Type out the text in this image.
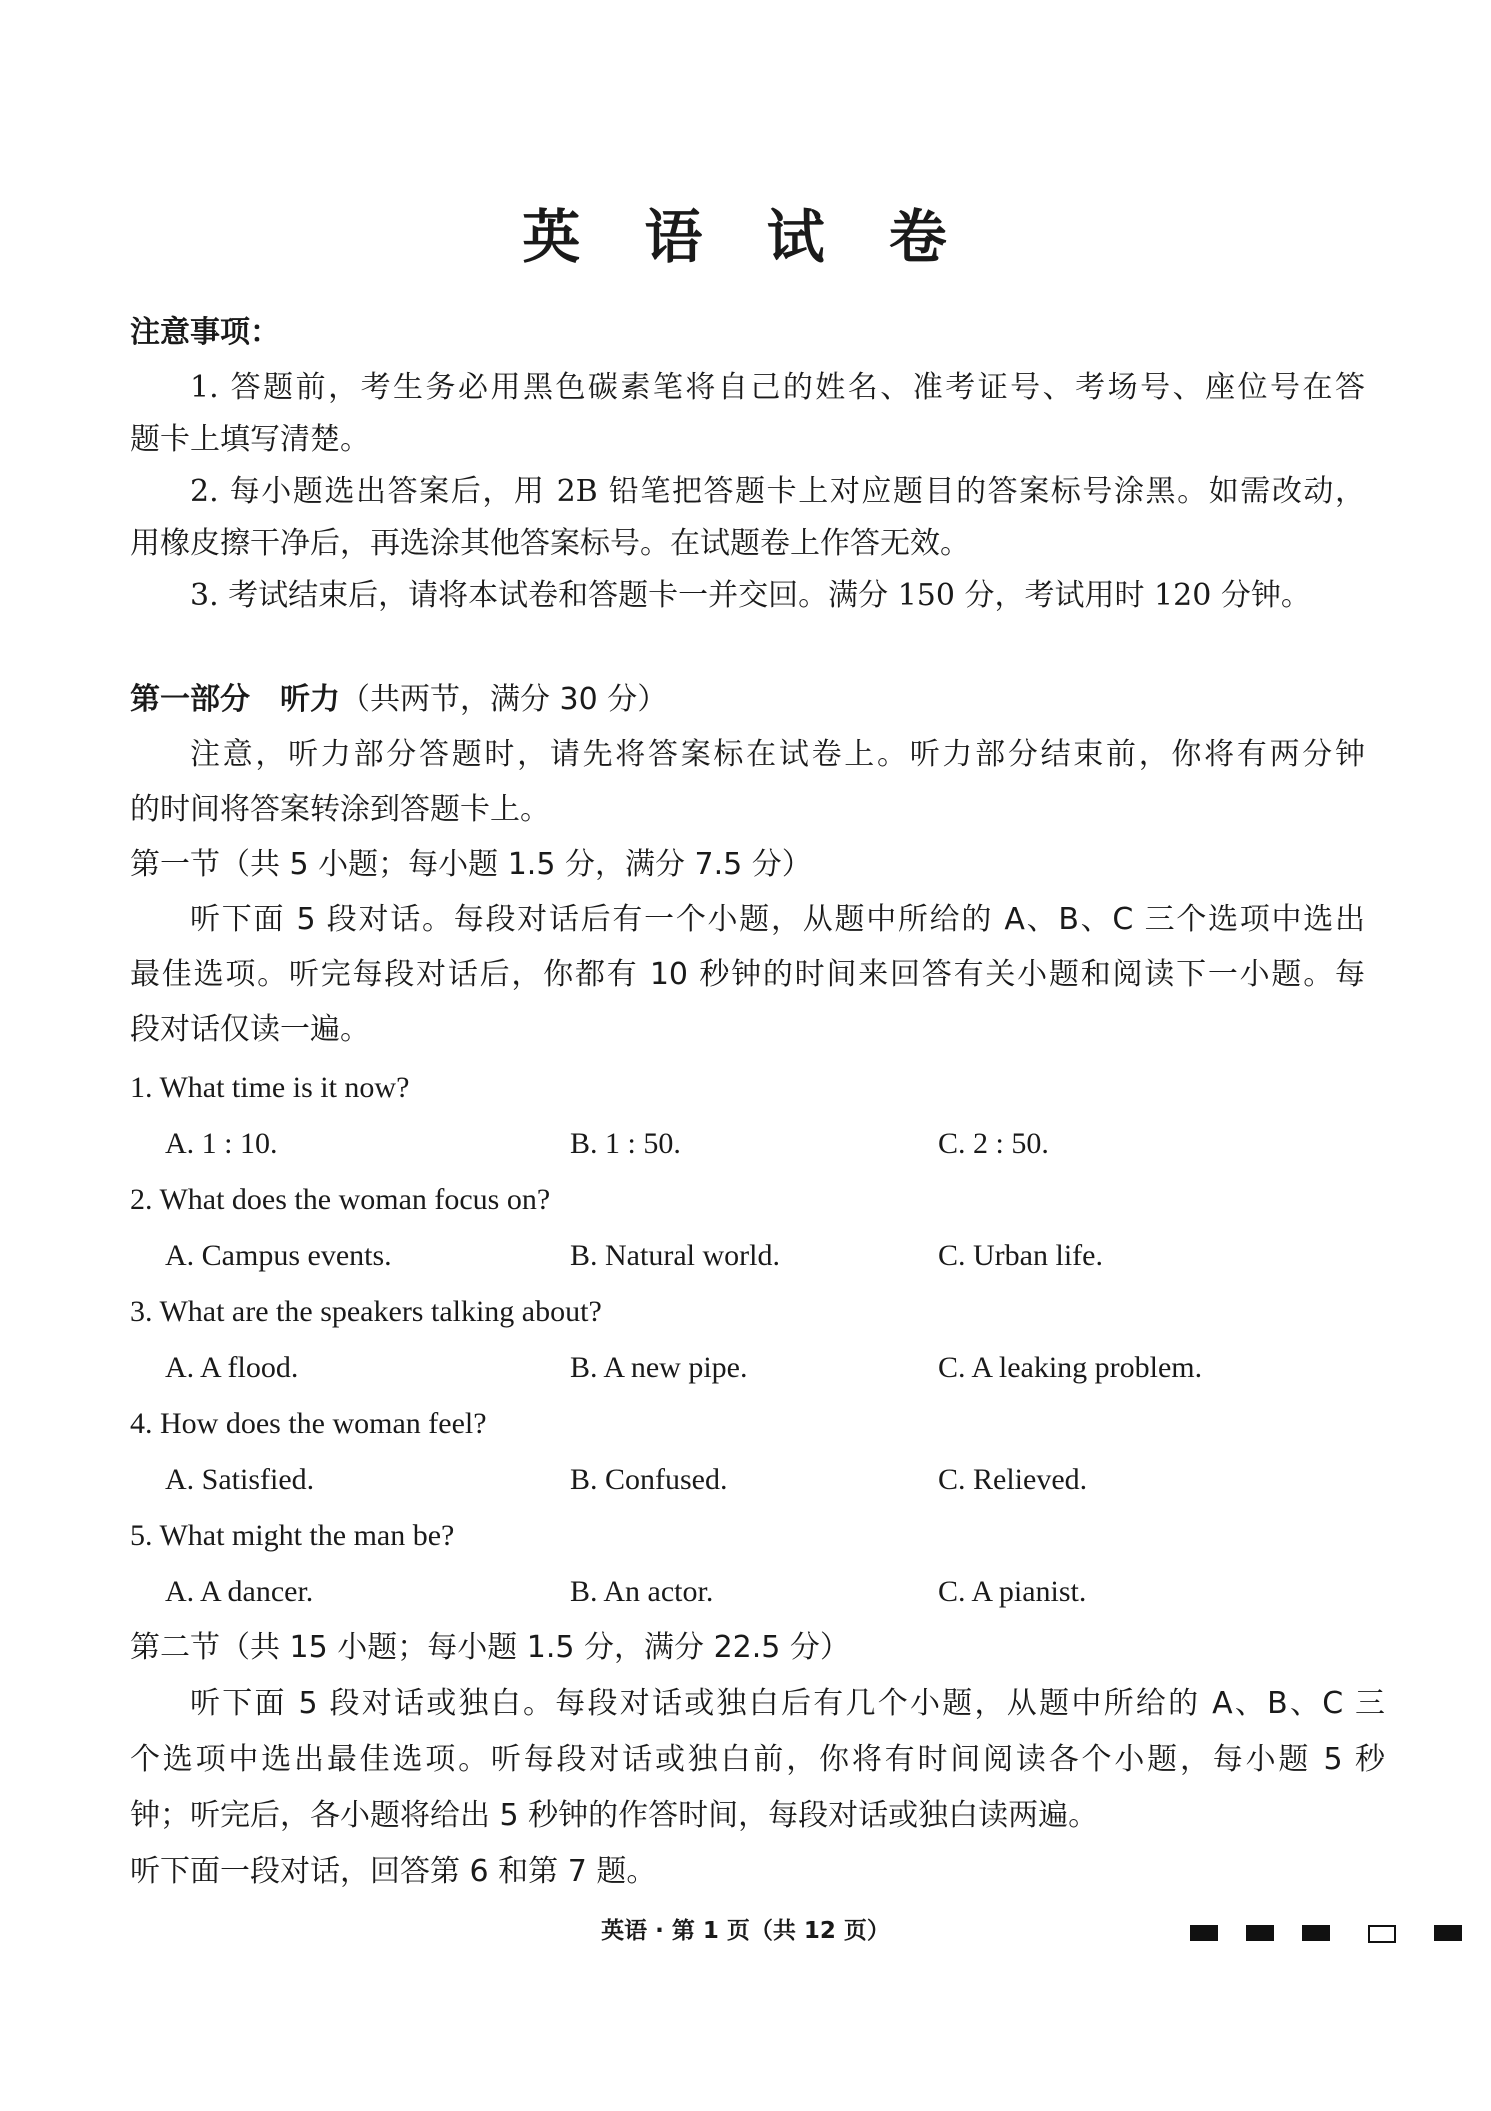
英 语 试 卷
注意事项：
1. 答题前，考生务必用黑色碳素笔将自己的姓名、准考证号、考场号、座位号在答
题卡上填写清楚。
2. 每小题选出答案后，用 2B 铅笔把答题卡上对应题目的答案标号涂黑。如需改动，
用橡皮擦干净后，再选涂其他答案标号。在试题卷上作答无效。
3. 考试结束后，请将本试卷和答题卡一并交回。满分 150 分，考试用时 120 分钟。
第一部分　听力（共两节，满分 30 分）
注意，听力部分答题时，请先将答案标在试卷上。听力部分结束前，你将有两分钟
的时间将答案转涂到答题卡上。
第一节（共 5 小题；每小题 1.5 分，满分 7.5 分）
听下面 5 段对话。每段对话后有一个小题，从题中所给的 A、B、C 三个选项中选出
最佳选项。听完每段对话后，你都有 10 秒钟的时间来回答有关小题和阅读下一小题。每
段对话仅读一遍。
1. What time is it now?
A. 1 : 10.	B. 1 : 50.	C. 2 : 50.
2. What does the woman focus on?
A. Campus events.	B. Natural world.	C. Urban life.
3. What are the speakers talking about?
A. A flood.	B. A new pipe.	C. A leaking problem.
4. How does the woman feel?
A. Satisfied.	B. Confused.	C. Relieved.
5. What might the man be?
A. A dancer.	B. An actor.	C. A pianist.
第二节（共 15 小题；每小题 1.5 分，满分 22.5 分）
听下面 5 段对话或独白。每段对话或独白后有几个小题，从题中所给的 A、B、C 三
个选项中选出最佳选项。听每段对话或独白前，你将有时间阅读各个小题，每小题 5 秒
钟；听完后，各小题将给出 5 秒钟的作答时间，每段对话或独白读两遍。
听下面一段对话，回答第 6 和第 7 题。
英语 · 第 1 页（共 12 页）
